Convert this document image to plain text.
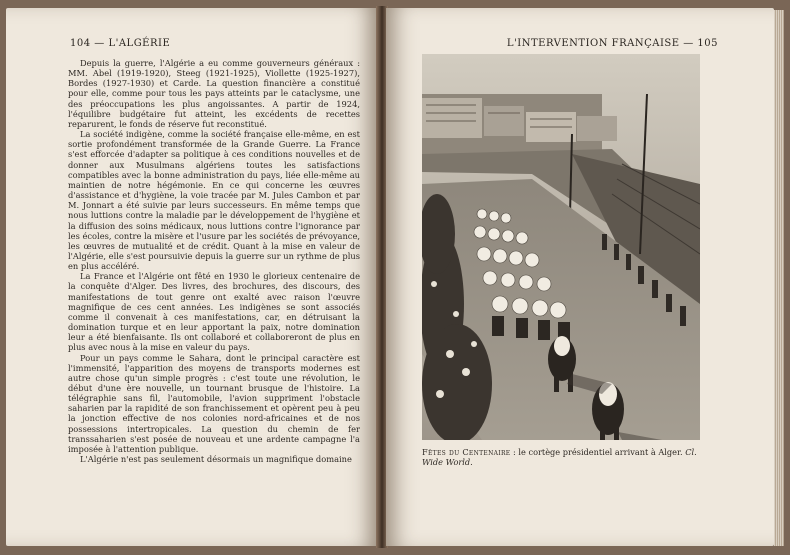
104 — L'ALGÉRIE

Depuis la guerre, l'Algérie a eu comme gouverneurs généraux : MM. Abel (1919-1920), Steeg (1921-1925), Viollette (1925-1927), Bordes (1927-1930) et Carde. La question financière a constitué pour elle, comme pour tous les pays atteints par le cataclysme, une des préoccupations les plus angoissantes. A partir de 1924, l'équilibre budgétaire fut atteint, les excédents de recettes reparurent, le fonds de réserve fut reconstitué.

La société indigène, comme la société française elle-même, en est sortie profondément transformée de la Grande Guerre. La France s'est efforcée d'adapter sa politique à ces conditions nouvelles et de donner aux Musulmans algériens toutes les satisfactions compatibles avec la bonne administration du pays, liée elle-même au maintien de notre hégémonie. En ce qui concerne les œuvres d'assistance et d'hygiène, la voie tracée par M. Jules Cambon et par M. Jonnart a été suivie par leurs successeurs. En même temps que nous luttions contre la maladie par le développement de l'hygiène et la diffusion des soins médicaux, nous luttions contre l'ignorance par les écoles, contre la misère et l'usure par les sociétés de prévoyance, les œuvres de mutualité et de crédit. Quant à la mise en valeur de l'Algérie, elle s'est poursuivie depuis la guerre sur un rythme de plus en plus accéléré.

La France et l'Algérie ont fêté en 1930 le glorieux centenaire de la conquête d'Alger. Des livres, des brochures, des discours, des manifestations de tout genre ont exalté avec raison l'œuvre magnifique de ces cent années. Les indigènes se sont associés comme il convenait à ces manifestations, car, en détruisant la domination turque et en leur apportant la paix, notre domination leur a été bienfaisante. Ils ont collaboré et collaboreront de plus en plus avec nous à la mise en valeur du pays.

Pour un pays comme le Sahara, dont le principal caractère est l'immensité, l'apparition des moyens de transports modernes est autre chose qu'un simple progrès : c'est toute une révolution, le début d'une ère nouvelle, un tournant brusque de l'histoire. La télégraphie sans fil, l'automobile, l'avion suppriment l'obstacle saharien par la rapidité de son franchissement et opèrent peu à peu la jonction effective de nos colonies nord-africaines et de nos possessions intertropicales. La question du chemin de fer transsaharien s'est posée de nouveau et une ardente campagne l'a imposée à l'attention publique.

L'Algérie n'est pas seulement désormais un magnifique domaine

L'INTERVENTION FRANÇAISE — 105
Fêtes du Centenaire : le cortège présidentiel arrivant à Alger. Cl. Wide World.
